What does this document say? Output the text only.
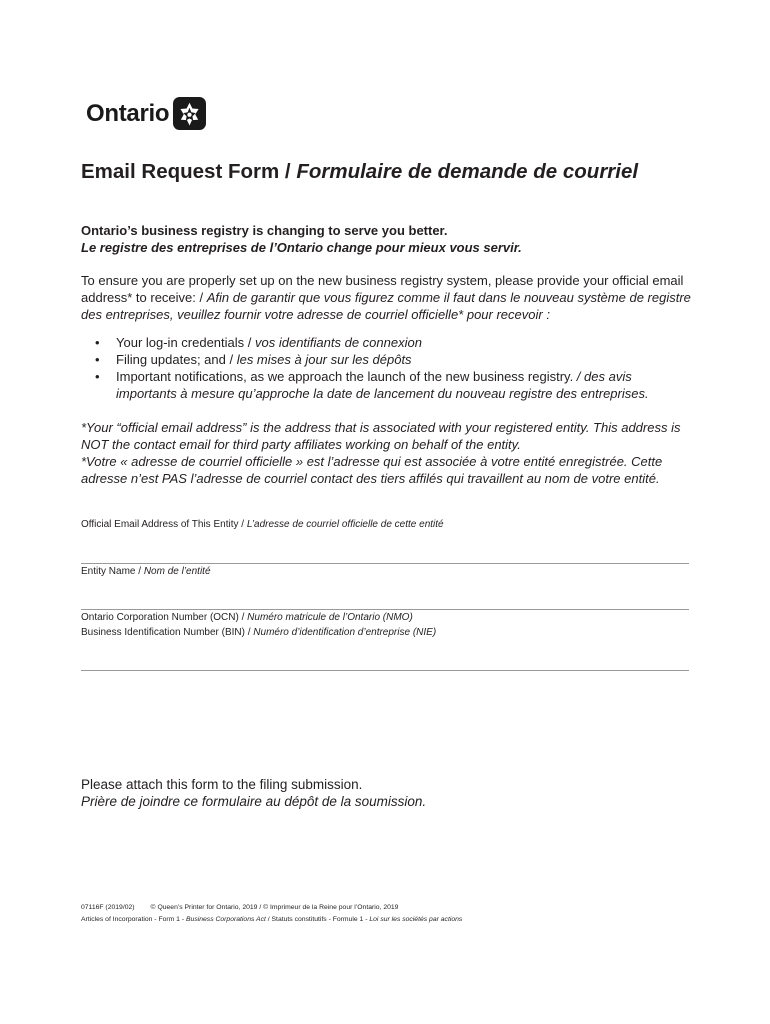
Ontario
Email Request Form / Formulaire de demande de courriel
Ontario’s business registry is changing to serve you better.
Le registre des entreprises de l’Ontario change pour mieux vous servir.
To ensure you are properly set up on the new business registry system, please provide your official email address* to receive: / Afin de garantir que vous figurez comme il faut dans le nouveau système de registre des entreprises, veuillez fournir votre adresse de courriel officielle* pour recevoir :
• Your log-in credentials / vos identifiants de connexion
• Filing updates; and / les mises à jour sur les dépôts
• Important notifications, as we approach the launch of the new business registry. / des avis importants à mesure qu’approche la date de lancement du nouveau registre des entreprises.
*Your “official email address” is the address that is associated with your registered entity. This address is NOT the contact email for third party affiliates working on behalf of the entity.
*Votre « adresse de courriel officielle » est l’adresse qui est associée à votre entité enregistrée. Cette adresse n’est PAS l’adresse de courriel contact des tiers affilés qui travaillent au nom de votre entité.
Official Email Address of This Entity / L’adresse de courriel officielle de cette entité
Entity Name / Nom de l’entité
Ontario Corporation Number (OCN) / Numéro matricule de l’Ontario (NMO)
Business Identification Number (BIN) / Numéro d’identification d’entreprise (NIE)
Please attach this form to the filing submission.
Prière de joindre ce formulaire au dépôt de la soumission.
07116F (2019/02) © Queen’s Printer for Ontario, 2019 / © Imprimeur de la Reine pour l’Ontario, 2019
Articles of Incorporation - Form 1 - Business Corporations Act / Statuts constitutifs - Formule 1 - Loi sur les sociétés par actions
